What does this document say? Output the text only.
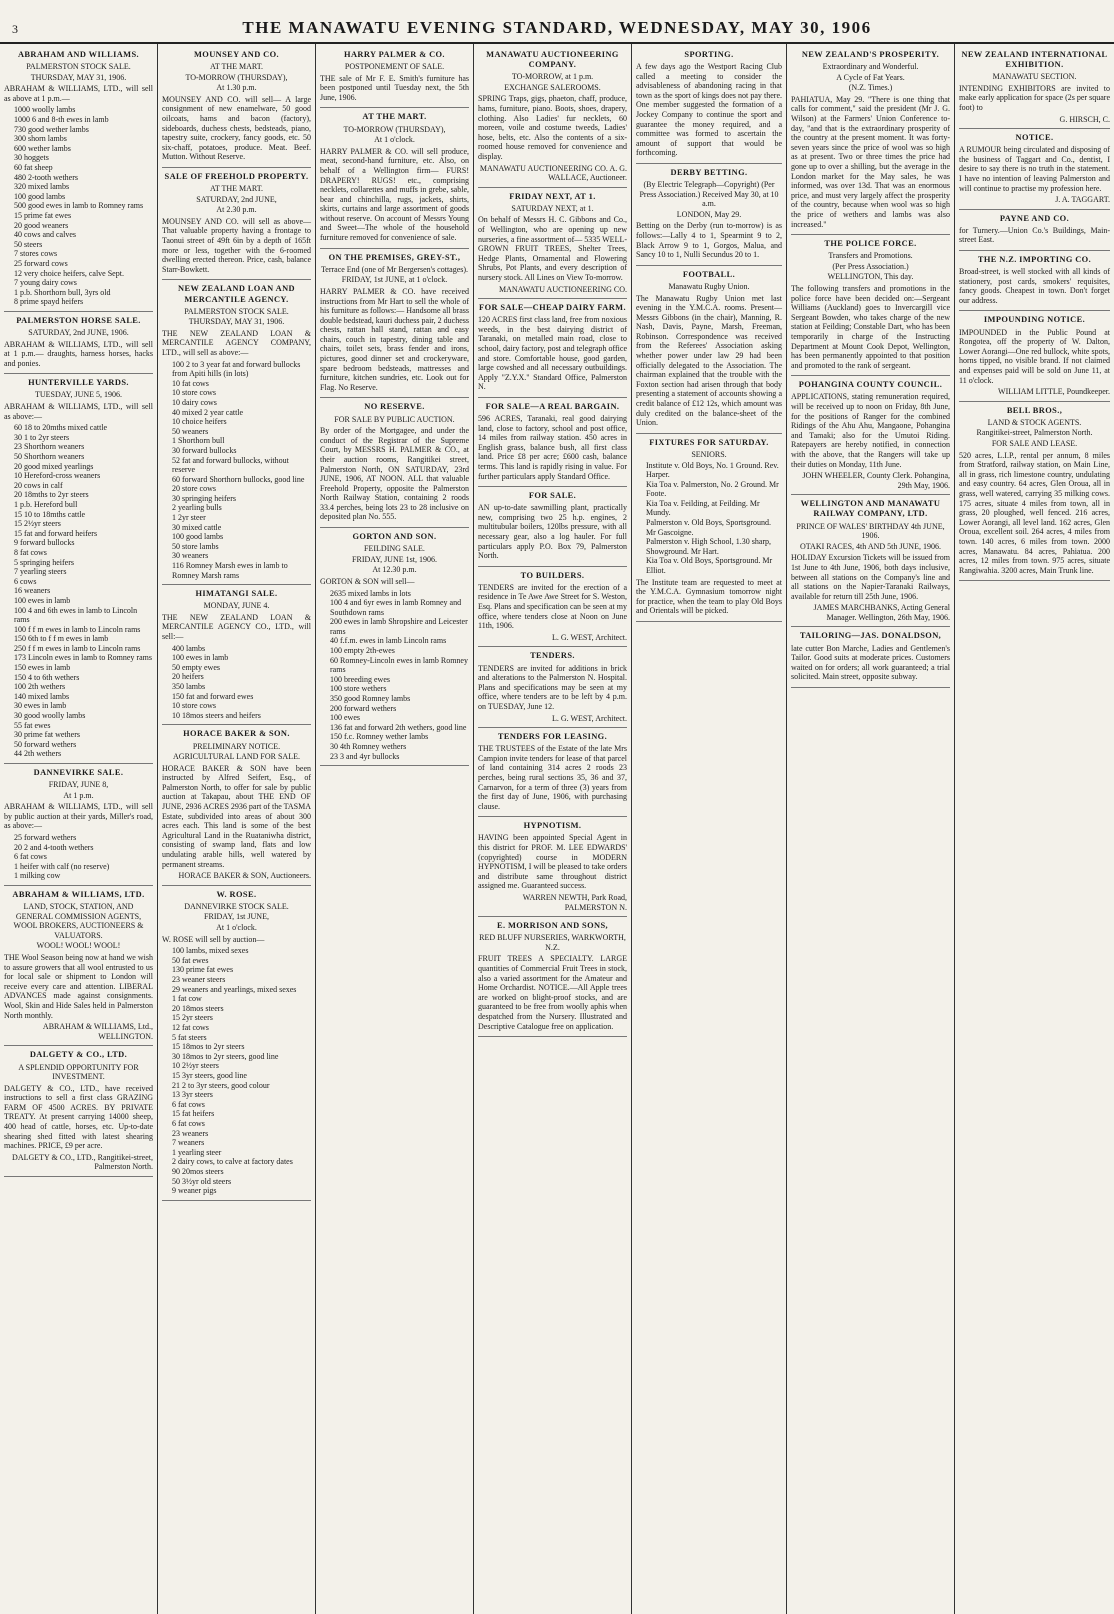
3	THE MANAWATU EVENING STANDARD, WEDNESDAY, MAY 30, 1906
ABRAHAM AND WILLIAMS.
PALMERSTON STOCK SALE.
THURSDAY, MAY 31, 1906.
ABRAHAM & WILLIAMS, LTD., will sell as above at 1 p.m.—
1000 woolly lambs
1000 6 and 8-th ewes in lamb
730 good wether lambs
300 shorn lambs
600 wether lambs
30 hoggets
60 fat sheep
480 2-tooth wethers
320 mixed lambs
100 good lambs
500 good ewes in lamb to Romney rams
15 prime fat ewes
20 good weaners
40 cows and calves
50 steers
7 stores cows
25 forward cows
12 very choice heifers, calve Sept.
7 young dairy cows
1 p.b. Shorthorn bull, 3yrs old
8 prime spayd heifers
PALMERSTON HORSE SALE.
SATURDAY, 2nd JUNE, 1906.
ABRAHAM & WILLIAMS, LTD., will sell at 1 p.m.— draughts, harness horses, hacks and ponies.
HUNTERVILLE YARDS.
TUESDAY, JUNE 5, 1906.
ABRAHAM & WILLIAMS, LTD., will sell as above:—
60 18 to 20mths mixed cattle
30 1 to 2yr steers
23 Shorthorn weaners
50 Shorthorn weaners
20 good mixed yearlings
10 Hereford-cross weaners
20 cows in calf
20 18mths to 2yr steers
1 p.b. Hereford bull
15 10 to 18mths cattle
15 2½yr steers
15 fat and forward heifers
9 forward bullocks
8 fat cows
5 springing heifers
7 yearling steers
6 cows
16 weaners
100 ewes in lamb
100 4 and 6th ewes in lamb to Lincoln rams
100 f f m ewes in lamb to Lincoln rams
150 6th to f f m ewes in lamb
250 f f m ewes in lamb to Lincoln rams
173 Lincoln ewes in lamb to Romney rams
150 ewes in lamb
150 4 to 6th wethers
100 2th wethers
140 mixed lambs
30 ewes in lamb
30 good woolly lambs
55 fat ewes
30 prime fat wethers
50 forward wethers
44 2th wethers
DANNEVIRKE SALE.
FRIDAY, JUNE 8,
At 1 p.m.
ABRAHAM & WILLIAMS, LTD., will sell by public auction at their yards, Miller's road, as above:—
25 forward wethers
20 2 and 4-tooth wethers
6 fat cows
1 heifer with calf (no reserve)
1 milking cow
ABRAHAM & WILLIAMS, LTD.
LAND, STOCK, STATION, AND GENERAL COMMISSION AGENTS, WOOL BROKERS, AUCTIONEERS & VALUATORS.
WOOL! WOOL! WOOL!
THE Wool Season being now at hand we wish to assure growers that all wool entrusted to us for local sale or shipment to London will receive every care and attention. LIBERAL ADVANCES made against consignments. Wool, Skin and Hide Sales held in Palmerston North monthly.
ABRAHAM & WILLIAMS, Ltd., WELLINGTON.
DALGETY & CO., LTD.
A SPLENDID OPPORTUNITY FOR INVESTMENT.
DALGETY & CO., LTD., have received instructions to sell a first class GRAZING FARM OF 4500 ACRES. BY PRIVATE TREATY. At present carrying 14000 sheep, 400 head of cattle, horses, etc. Up-to-date shearing shed fitted with latest shearing machines. PRICE, £9 per acre.
DALGETY & CO., LTD., Rangitikei-street, Palmerston North.
MOUNSEY AND CO.
AT THE MART.
TO-MORROW (THURSDAY),
At 1.30 p.m.
MOUNSEY AND CO. will sell— A large consignment of new enamelware, 50 good oilcoats, hams and bacon (factory), sideboards, duchess chests, bedsteads, piano, tapestry suite, crockery, fancy goods, etc. 50 six-chaff, potatoes, produce. Meat. Beef. Mutton. Without Reserve.
SALE OF FREEHOLD PROPERTY.
AT THE MART.
SATURDAY, 2nd JUNE,
At 2.30 p.m.
MOUNSEY AND CO. will sell as above— That valuable property having a frontage to Taonui street of 49ft 6in by a depth of 165ft more or less, together with the 6-roomed dwelling erected thereon. Price, cash, balance Starr-Bowkett.
NEW ZEALAND LOAN AND MERCANTILE AGENCY.
PALMERSTON STOCK SALE.
THURSDAY, MAY 31, 1906.
THE NEW ZEALAND LOAN & MERCANTILE AGENCY COMPANY, LTD., will sell as above:—
100 2 to 3 year fat and forward bullocks from Apiti hills (in lots)
10 fat cows
10 store cows
10 dairy cows
40 mixed 2 year cattle
10 choice heifers
50 weaners
1 Shorthorn bull
30 forward bullocks
52 fat and forward bullocks, without reserve
60 forward Shorthorn bullocks, good line
20 store cows
30 springing heifers
2 yearling bulls
1 2yr steer
30 mixed cattle
100 good lambs
50 store lambs
30 weaners
116 Romney Marsh ewes in lamb to Romney Marsh rams
HIMATANGI SALE.
MONDAY, JUNE 4.
THE NEW ZEALAND LOAN & MERCANTILE AGENCY CO., LTD., will sell:—
400 lambs
100 ewes in lamb
50 empty ewes
20 heifers
350 lambs
150 fat and forward ewes
10 store cows
10 18mos steers and heifers
HORACE BAKER & SON.
PRELIMINARY NOTICE.
AGRICULTURAL LAND FOR SALE.
HORACE BAKER & SON have been instructed by Alfred Seifert, Esq., of Palmerston North, to offer for sale by public auction at Takapau, about THE END OF JUNE, 2936 ACRES 2936 part of the TASMA Estate, subdivided into areas of about 300 acres each. This land is some of the best Agricultural Land in the Ruataniwha district, consisting of swamp land, flats and low undulating arable hills, well watered by permanent streams.
HORACE BAKER & SON, Auctioneers.
W. ROSE.
DANNEVIRKE STOCK SALE.
FRIDAY, 1st JUNE,
At 1 o'clock.
W. ROSE will sell by auction—
100 lambs, mixed sexes
50 fat ewes
130 prime fat ewes
23 weaner steers
29 weaners and yearlings, mixed sexes
1 fat cow
20 18mos steers
15 2yr steers
12 fat cows
5 fat steers
15 18mos to 2yr steers
30 18mos to 2yr steers, good line
10 2½yr steers
15 3yr steers, good line
21 2 to 3yr steers, good colour
13 3yr steers
6 fat cows
15 fat heifers
6 fat cows
23 weaners
7 weaners
1 yearling steer
2 dairy cows, to calve at factory dates
90 20mos steers
50 3½yr old steers
9 weaner pigs
HARRY PALMER & CO.
POSTPONEMENT OF SALE.
THE sale of Mr F. E. Smith's furniture has been postponed until Tuesday next, the 5th June, 1906.
AT THE MART.
TO-MORROW (THURSDAY),
At 1 o'clock.
HARRY PALMER & CO. will sell produce, meat, second-hand furniture, etc. Also, on behalf of a Wellington firm— FURS! DRAPERY! RUGS! etc., comprising necklets, collarettes and muffs in grebe, sable, bear and chinchilla, rugs, jackets, shirts, skirts, curtains and large assortment of goods without reserve. On account of Messrs Young and Sweet—The whole of the household furniture removed for convenience of sale.
ON THE PREMISES, GREY-ST.,
Terrace End (one of Mr Bergersen's cottages).
FRIDAY, 1st JUNE, at 1 o'clock.
HARRY PALMER & CO. have received instructions from Mr Hart to sell the whole of his furniture as follows:— Handsome all brass double bedstead, kauri duchess pair, 2 duchess chests, rattan hall stand, rattan and easy chairs, couch in tapestry, dining table and chairs, toilet sets, brass fender and irons, pictures, good dinner set and crockeryware, spare bedroom bedsteads, mattresses and furniture, kitchen sundries, etc. Look out for Flag. No Reserve.
NO RESERVE.
FOR SALE BY PUBLIC AUCTION.
By order of the Mortgagee, and under the conduct of the Registrar of the Supreme Court, by MESSRS H. PALMER & CO., at their auction rooms, Rangitikei street, Palmerston North, ON SATURDAY, 23rd JUNE, 1906, AT NOON. ALL that valuable Freehold Property, opposite the Palmerston North Railway Station, containing 2 roods 33.4 perches, being lots 23 to 28 inclusive on deposited plan No. 555.
GORTON AND SON.
FEILDING SALE.
FRIDAY, JUNE 1st, 1906.
At 12.30 p.m.
GORTON & SON will sell—
2635 mixed lambs in lots
100 4 and 6yr ewes in lamb Romney and Southdown rams
200 ewes in lamb Shropshire and Leicester rams
40 f.f.m. ewes in lamb Lincoln rams
100 empty 2th-ewes
60 Romney-Lincoln ewes in lamb Romney rams
100 breeding ewes
100 store wethers
350 good Romney lambs
200 forward wethers
100 ewes
136 fat and forward 2th wethers, good line
150 f.c. Romney wether lambs
30 4th Romney wethers
23 3 and 4yr bullocks
MANAWATU AUCTIONEERING COMPANY.
TO-MORROW, at 1 p.m.
EXCHANGE SALEROOMS.
SPRING Traps, gigs, phaeton, chaff, produce, hams, furniture, piano. Boots, shoes, drapery, clothing. Also Ladies' fur necklets, 60 moreen, voile and costume tweeds, Ladies' hose, belts, etc. Also the contents of a six-roomed house removed for convenience and display.
MANAWATU AUCTIONEERING CO. A. G. WALLACE, Auctioneer.
FRIDAY NEXT, AT 1.
SATURDAY NEXT, at 1.
On behalf of Messrs H. C. Gibbons and Co., of Wellington, who are opening up new nurseries, a fine assortment of— 5335 WELL-GROWN FRUIT TREES, Shelter Trees, Hedge Plants, Ornamental and Flowering Shrubs, Pot Plants, and every description of nursery stock. All Lines on View To-morrow.
MANAWATU AUCTIONEERING CO.
FOR SALE—CHEAP DAIRY FARM.
120 ACRES first class land, free from noxious weeds, in the best dairying district of Taranaki, on metalled main road, close to school, dairy factory, post and telegraph office and store. Comfortable house, good garden, large cowshed and all necessary outbuildings. Apply "Z.Y.X." Standard Office, Palmerston N.
FOR SALE—A REAL BARGAIN.
596 ACRES, Taranaki, real good dairying land, close to factory, school and post office, 14 miles from railway station. 450 acres in English grass, balance bush, all first class land. Price £8 per acre; £600 cash, balance terms. This land is rapidly rising in value. For further particulars apply Standard Office.
FOR SALE.
AN up-to-date sawmilling plant, practically new, comprising two 25 h.p. engines, 2 multitubular boilers, 120lbs pressure, with all necessary gear, also a log hauler. For full particulars apply P.O. Box 79, Palmerston North.
TO BUILDERS.
TENDERS are invited for the erection of a residence in Te Awe Awe Street for S. Weston, Esq. Plans and specification can be seen at my office, where tenders close at Noon on June 11th, 1906.
L. G. WEST, Architect.
TENDERS.
TENDERS are invited for additions in brick and alterations to the Palmerston N. Hospital. Plans and specifications may be seen at my office, where tenders are to be left by 4 p.m. on TUESDAY, June 12.
L. G. WEST, Architect.
TENDERS FOR LEASING.
THE TRUSTEES of the Estate of the late Mrs Campion invite tenders for lease of that parcel of land containing 314 acres 2 roods 23 perches, being rural sections 35, 36 and 37, Carnarvon, for a term of three (3) years from the first day of June, 1906, with purchasing clause.
HYPNOTISM.
HAVING been appointed Special Agent in this district for PROF. M. LEE EDWARDS' (copyrighted) course in MODERN HYPNOTISM, I will be pleased to take orders and distribute same throughout district assigned me. Guaranteed success.
WARREN NEWTH, Park Road, PALMERSTON N.
E. MORRISON AND SONS,
RED BLUFF NURSERIES, WARKWORTH, N.Z.
FRUIT TREES A SPECIALTY. LARGE quantities of Commercial Fruit Trees in stock, also a varied assortment for the Amateur and Home Orchardist. NOTICE.—All Apple trees are worked on blight-proof stocks, and are guaranteed to be free from woolly aphis when despatched from the Nursery. Illustrated and Descriptive Catalogue free on application.
SPORTING.
A few days ago the Westport Racing Club called a meeting to consider the advisableness of abandoning racing in that town as the sport of kings does not pay there. One member suggested the formation of a Jockey Company to continue the sport and guarantee the money required, and a committee was formed to ascertain the amount of support that would be forthcoming.
DERBY BETTING.
(By Electric Telegraph—Copyright) (Per Press Association.) Received May 30, at 10 a.m.
LONDON, May 29.
Betting on the Derby (run to-morrow) is as follows:—Lally 4 to 1, Spearmint 9 to 2, Black Arrow 9 to 1, Gorgos, Malua, and Sancy 10 to 1, Nulli Secundus 20 to 1.
FOOTBALL.
Manawatu Rugby Union.
The Manawatu Rugby Union met last evening in the Y.M.C.A. rooms. Present—Messrs Gibbons (in the chair), Manning, R. Nash, Davis, Payne, Marsh, Freeman, Robinson. Correspondence was received from the Referees' Association asking whether power under law 29 had been officially delegated to the Association. The chairman explained that the trouble with the Foxton section had arisen through that body presenting a statement of accounts showing a credit balance of £12 12s, which amount was duly credited on the balance-sheet of the Union.
FIXTURES FOR SATURDAY.
SENIORS.
Institute v. Old Boys, No. 1 Ground. Rev. Harper.
Kia Toa v. Palmerston, No. 2 Ground. Mr Foote.
Kia Toa v. Feilding, at Feilding. Mr Mundy.
Palmerston v. Old Boys, Sportsground. Mr Gascoigne.
Palmerston v. High School, 1.30 sharp, Showground. Mr Hart.
Kia Toa v. Old Boys, Sportsground. Mr Elliot.
The Institute team are requested to meet at the Y.M.C.A. Gymnasium tomorrow night for practice, when the team to play Old Boys and Orientals will be picked.
NEW ZEALAND'S PROSPERITY.
Extraordinary and Wonderful.
A Cycle of Fat Years.
(N.Z. Times.)
PAHIATUA, May 29. "There is one thing that calls for comment," said the president (Mr J. G. Wilson) at the Farmers' Union Conference to-day, "and that is the extraordinary prosperity of the country at the present moment. It was forty-seven years since the price of wool was so high as at present. Two or three times the price had gone up to over a shilling, but the average in the London market for the May sales, he was informed, was over 13d. That was an enormous price, and must very largely affect the prosperity of the country, because when wool was so high the price of wethers and lambs was also increased."
THE POLICE FORCE.
Transfers and Promotions.
(Per Press Association.)
WELLINGTON, This day.
The following transfers and promotions in the police force have been decided on:—Sergeant Williams (Auckland) goes to Invercargill vice Sergeant Bowden, who takes charge of the new station at Feilding; Constable Dart, who has been temporarily in charge of the Instructing Department at Mount Cook Depot, Wellington, has been permanently appointed to that position and promoted to the rank of sergeant.
POHANGINA COUNTY COUNCIL.
APPLICATIONS, stating remuneration required, will be received up to noon on Friday, 8th June, for the positions of Ranger for the combined Ridings of the Ahu Ahu, Mangaone, Pohangina and Tamaki; also for the Umutoi Riding. Ratepayers are hereby notified, in connection with the above, that the Rangers will take up their duties on Monday, 11th June.
JOHN WHEELER, County Clerk. Pohangina, 29th May, 1906.
WELLINGTON AND MANAWATU RAILWAY COMPANY, LTD.
PRINCE OF WALES' BIRTHDAY 4th JUNE, 1906.
OTAKI RACES, 4th AND 5th JUNE, 1906.
HOLIDAY Excursion Tickets will be issued from 1st June to 4th June, 1906, both days inclusive, between all stations on the Company's line and all stations on the Napier-Taranaki Railways, available for return till 25th June, 1906.
JAMES MARCHBANKS, Acting General Manager. Wellington, 26th May, 1906.
TAILORING—JAS. DONALDSON,
late cutter Bon Marche, Ladies and Gentlemen's Tailor. Good suits at moderate prices. Customers waited on for orders; all work guaranteed; a trial solicited. Main street, opposite subway.
NEW ZEALAND INTERNATIONAL EXHIBITION.
MANAWATU SECTION.
INTENDING EXHIBITORS are invited to make early application for space (2s per square foot) to
G. HIRSCH, C.
NOTICE.
A RUMOUR being circulated and disposing of the business of Taggart and Co., dentist, I desire to say there is no truth in the statement. I have no intention of leaving Palmerston and will continue to practise my profession here.
J. A. TAGGART.
PAYNE AND CO.
for Turnery.—Union Co.'s Buildings, Main-street East.
THE N.Z. IMPORTING CO.
Broad-street, is well stocked with all kinds of stationery, post cards, smokers' requisites, fancy goods. Cheapest in town. Don't forget our address.
IMPOUNDING NOTICE.
IMPOUNDED in the Public Pound at Rongotea, off the property of W. Dalton, Lower Aorangi—One red bullock, white spots, horns tipped, no visible brand. If not claimed and expenses paid will be sold on June 11, at 11 o'clock.
WILLIAM LITTLE, Poundkeeper.
BELL BROS.,
LAND & STOCK AGENTS.
Rangitikei-street, Palmerston North.
FOR SALE AND LEASE.
520 acres, L.I.P., rental per annum, 8 miles from Stratford, railway station, on Main Line, all in grass, rich limestone country, undulating and easy country. 64 acres, Glen Oroua, all in grass, well watered, carrying 35 milking cows. 175 acres, situate 4 miles from town, all in grass, 20 ploughed, well fenced. 216 acres, Lower Aorangi, all level land. 162 acres, Glen Oroua, excellent soil. 264 acres, 4 miles from town. 140 acres, 6 miles from town. 2000 acres, Manawatu. 84 acres, Pahiatua. 200 acres, 12 miles from town. 975 acres, situate Rangiwahia. 3200 acres, Main Trunk line.
